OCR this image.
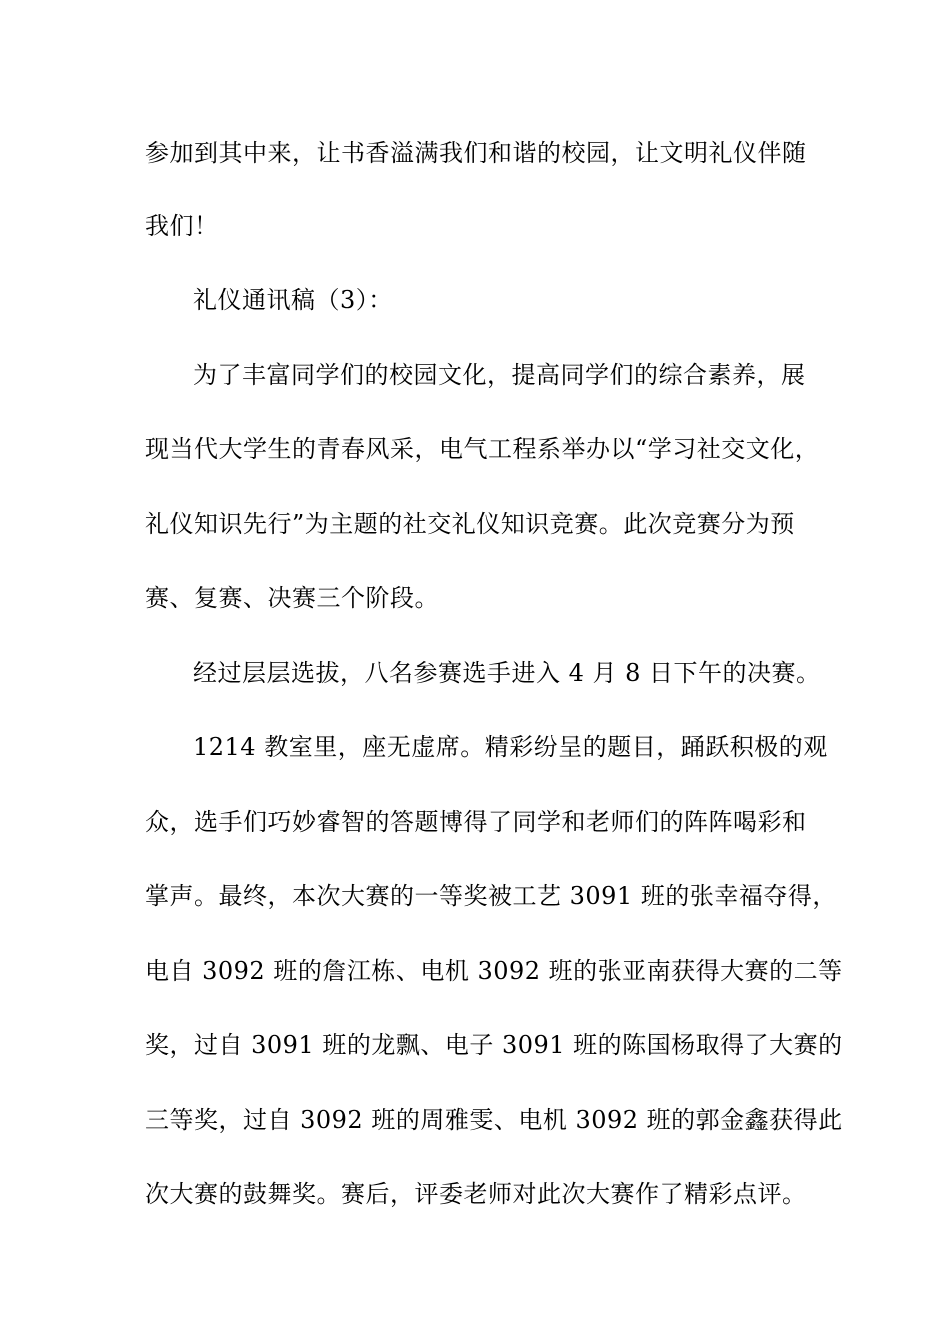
参加到其中来，让书香溢满我们和谐的校园，让文明礼仪伴随
我们！
礼仪通讯稿（3）：
为了丰富同学们的校园文化，提高同学们的综合素养，展
现当代大学生的青春风采，电气工程系举办以“学习社交文化，
礼仪知识先行”为主题的社交礼仪知识竞赛。此次竞赛分为预
赛、复赛、决赛三个阶段。
经过层层选拔，八名参赛选手进入 4 月 8 日下午的决赛。
1214 教室里，座无虚席。精彩纷呈的题目，踊跃积极的观
众，选手们巧妙睿智的答题博得了同学和老师们的阵阵喝彩和
掌声。最终，本次大赛的一等奖被工艺 3091 班的张幸福夺得，
电自 3092 班的詹江栋、电机 3092 班的张亚南获得大赛的二等
奖，过自 3091 班的龙飘、电子 3091 班的陈国杨取得了大赛的
三等奖，过自 3092 班的周雅雯、电机 3092 班的郭金鑫获得此
次大赛的鼓舞奖。赛后，评委老师对此次大赛作了精彩点评。
